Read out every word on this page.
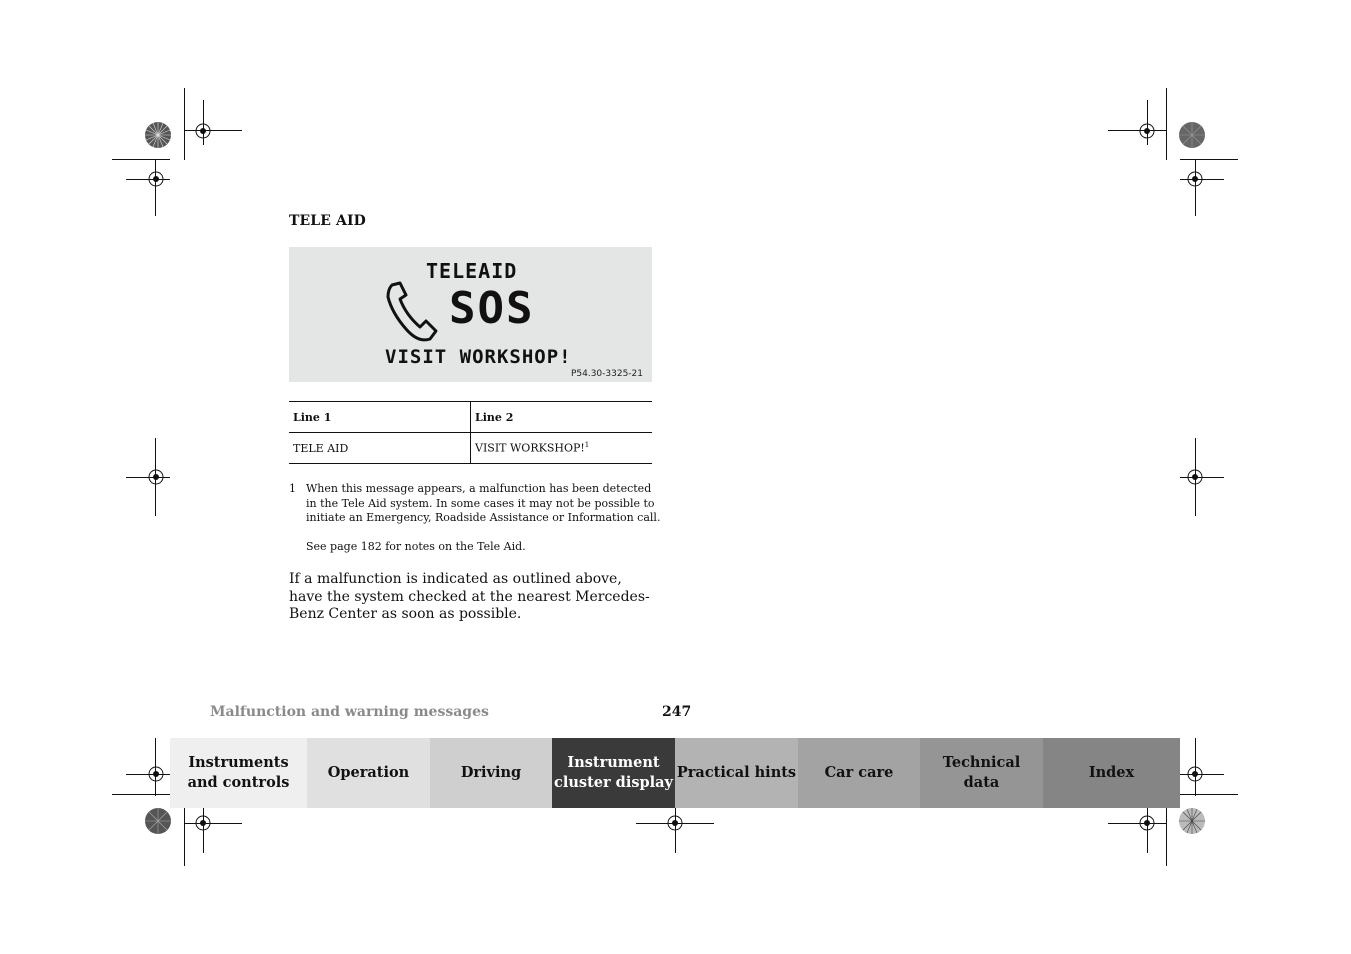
TELE AID
TELEAID
SOS
VISIT WORKSHOP!
P54.30-3325-21
Line 1	Line 2
TELE AID	VISIT WORKSHOP!$^1$
1 When this message appears, a malfunction has been detected in the Tele Aid system. In some cases it may not be possible to initiate an Emergency, Roadside Assistance or Information call.
See page 182 for notes on the Tele Aid.
If a malfunction is indicated as outlined above, have the system checked at the nearest Mercedes-Benz Center as soon as possible.
Malfunction and warning messages	247
Instruments
and controls
Operation	Driving
Instrument
cluster display
Practical hints	Car care
Technical
data
Index
